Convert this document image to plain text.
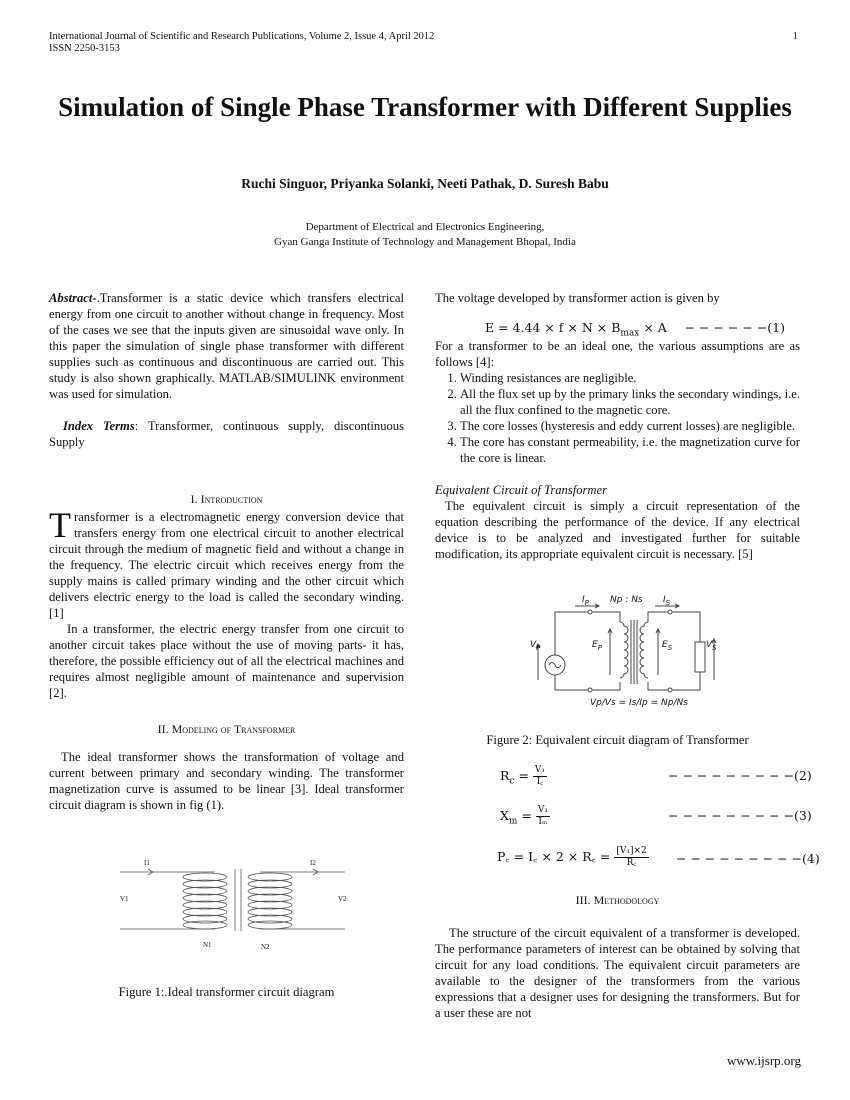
International Journal of Scientific and Research Publications, Volume 2, Issue 4, April 2012
ISSN 2250-3153
1
Simulation of Single Phase Transformer with Different Supplies
Ruchi Singuor, Priyanka Solanki, Neeti Pathak, D. Suresh Babu
Department of Electrical and Electronics Engineering,
Gyan Ganga Institute of Technology and Management Bhopal, India

Abstract-.Transformer is a static device which transfers electrical energy from one circuit to another without change in frequency. Most of the cases we see that the inputs given are sinusoidal wave only. In this paper the simulation of single phase transformer with different supplies such as continuous and discontinuous are carried out. This study is also shown graphically. MATLAB/SIMULINK environment was used for simulation.

Index Terms: Transformer, continuous supply, discontinuous Supply

I. Introduction

Transformer is a electromagnetic energy conversion device that transfers energy from one electrical circuit to another electrical circuit through the medium of magnetic field and without a change in the frequency. The electric circuit which receives energy from the supply mains is called primary winding and the other circuit which delivers electric energy to the load is called the secondary winding. [1]

In a transformer, the electric energy transfer from one circuit to another circuit takes place without the use of moving parts- it has, therefore, the possible efficiency out of all the electrical machines and requires almost negligible amount of maintenance and supervision [2].

II. Modeling of Transformer

The ideal transformer shows the transformation of voltage and current between primary and secondary winding. The transformer magnetization curve is assumed to be linear [3]. Ideal transformer circuit diagram is shown in fig (1).

I1	I2
V1	V2
N1	N2
Figure 1:.Ideal transformer circuit diagram

The voltage developed by transformer action is given by

$E = 4.44 \times f \times N \times B_{max} \times A$ − − − − − −(1)

For a transformer to be an ideal one, the various assumptions are as follows [4]:

1. Winding resistances are negligible.
2. All the flux set up by the primary links the secondary windings, i.e. all the flux confined to the magnetic core.
3. The core losses (hysteresis and eddy current losses) are negligible.
4. The core has constant permeability, i.e. the magnetization curve for the core is linear.

Equivalent Circuit of Transformer

The equivalent circuit is simply a circuit representation of the equation describing the performance of the device. If any electrical device is to be analyzed and investigated further for suitable modification, its appropriate equivalent circuit is necessary. [5]

$I_P$ Np : Ns $I_S$
$V_P$	$E_P$	$E_S$	$V_S$
Vp/Vs = Is/Ip = Np/Ns
Figure 2: Equivalent circuit diagram of Transformer
$R_c = \frac{\text{V₁}}{I꜀}$	− − − − − − − − −(2)
$X_m = \frac{\text{V₁}}{\text{Iₘ}}$	− − − − − − − − −(3)
P꜀ = I꜀ × 2 × R꜀ = $\frac{\text{[V₁]×2}}{R꜀}$ − − − − − − − − −(4)
III. Methodology

The structure of the circuit equivalent of a transformer is developed. The performance parameters of interest can be obtained by solving that circuit for any load conditions. The equivalent circuit parameters are available to the designer of the transformers from the various expressions that a designer uses for designing the transformers. But for a user these are not

www.ijsrp.org
